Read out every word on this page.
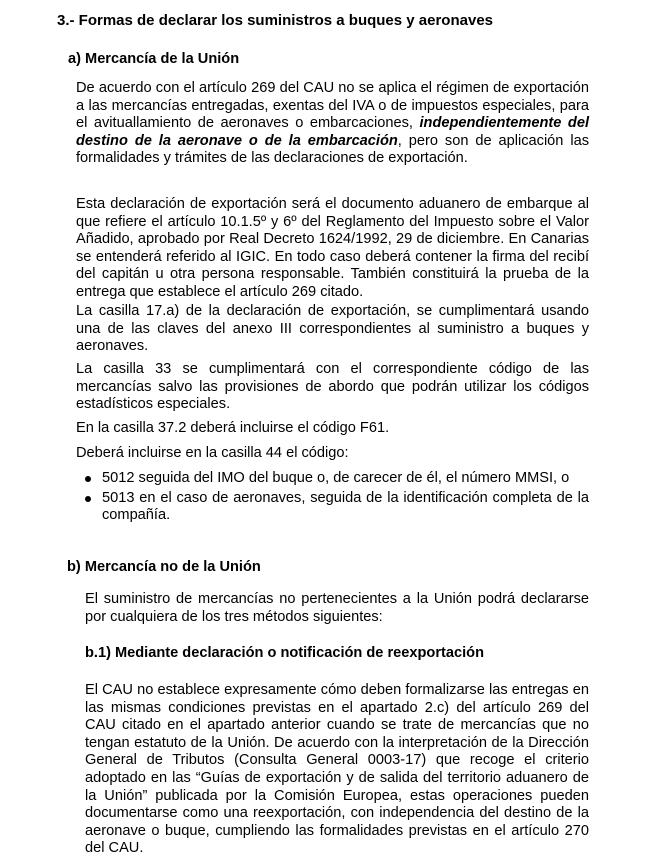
3.- Formas de declarar los suministros a buques y aeronaves
a) Mercancía de la Unión

De acuerdo con el artículo 269 del CAU no se aplica el régimen de exportación a las mercancías entregadas, exentas del IVA o de impuestos especiales, para el avituallamiento de aeronaves o embarcaciones, independientemente del destino de la aeronave o de la embarcación, pero son de aplicación las formalidades y trámites de las declaraciones de exportación.

Esta declaración de exportación será el documento aduanero de embarque al que refiere el artículo 10.1.5º y 6º del Reglamento del Impuesto sobre el Valor Añadido, aprobado por Real Decreto 1624/1992, 29 de diciembre. En Canarias se entenderá referido al IGIC. En todo caso deberá contener la firma del recibí del capitán u otra persona responsable. También constituirá la prueba de la entrega que establece el artículo 269 citado.

La casilla 17.a) de la declaración de exportación, se cumplimentará usando una de las claves del anexo III correspondientes al suministro a buques y aeronaves.

La casilla 33 se cumplimentará con el correspondiente código de las mercancías salvo las provisiones de abordo que podrán utilizar los códigos estadísticos especiales.

En la casilla 37.2 deberá incluirse el código F61.

Deberá incluirse en la casilla 44 el código:

5012 seguida del IMO del buque o, de carecer de él, el número MMSI, o
5013 en el caso de aeronaves, seguida de la identificación completa de la compañía.
b) Mercancía no de la Unión

El suministro de mercancías no pertenecientes a la Unión podrá declararse por cualquiera de los tres métodos siguientes:

b.1) Mediante declaración o notificación de reexportación

El CAU no establece expresamente cómo deben formalizarse las entregas en las mismas condiciones previstas en el apartado 2.c) del artículo 269 del CAU citado en el apartado anterior cuando se trate de mercancías que no tengan estatuto de la Unión. De acuerdo con la interpretación de la Dirección General de Tributos (Consulta General 0003-17) que recoge el criterio adoptado en las “Guías de exportación y de salida del territorio aduanero de la Unión” publicada por la Comisión Europea, estas operaciones pueden documentarse como una reexportación, con independencia del destino de la aeronave o buque, cumpliendo las formalidades previstas en el artículo 270 del CAU.
